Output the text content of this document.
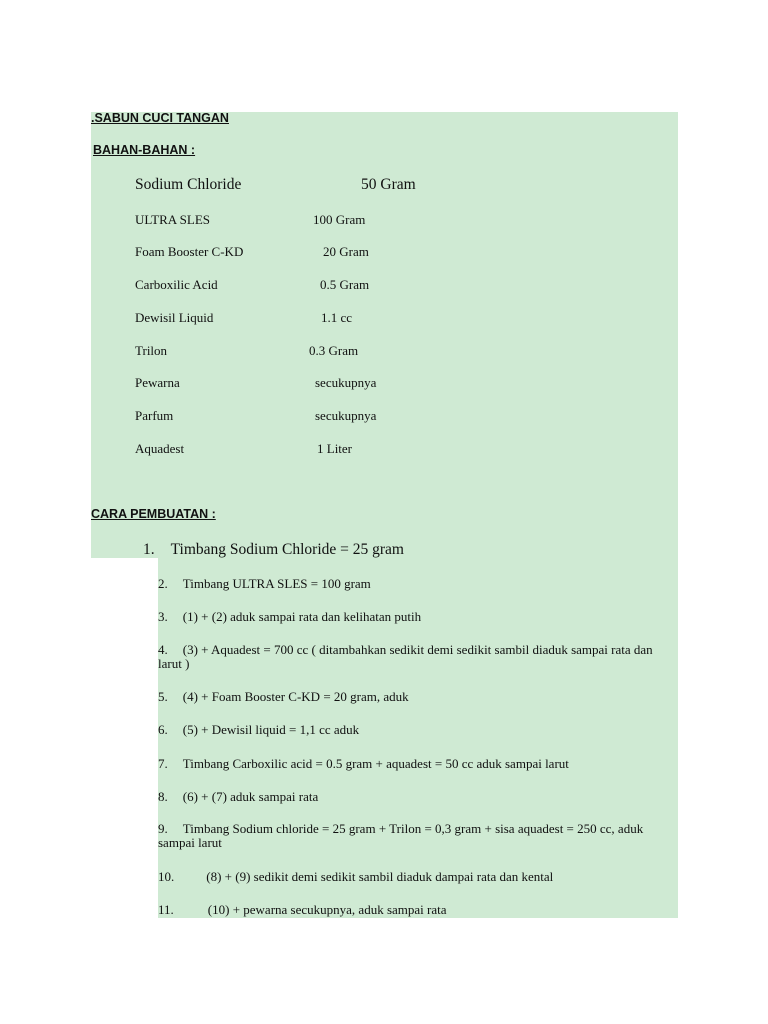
.SABUN CUCI TANGAN
BAHAN-BAHAN :
Sodium Chloride	50 Gram
ULTRA SLES	100 Gram
Foam Booster C-KD	20 Gram
Carboxilic Acid	0.5 Gram
Dewisil Liquid	1.1 cc
Trilon	0.3 Gram
Pewarna	secukupnya
Parfum	secukupnya
Aquadest	1 Liter
CARA PEMBUATAN :
1. Timbang Sodium Chloride = 25 gram
2. Timbang ULTRA SLES = 100 gram
3. (1) + (2) aduk sampai rata dan kelihatan putih
4. (3) + Aquadest = 700 cc ( ditambahkan sedikit demi sedikit sambil diaduk sampai rata dan larut )
5. (4) + Foam Booster C-KD = 20 gram, aduk
6. (5) + Dewisil liquid = 1,1 cc aduk
7. Timbang Carboxilic acid = 0.5 gram + aquadest = 50 cc aduk sampai larut
8. (6) + (7) aduk sampai rata
9. Timbang Sodium chloride = 25 gram + Trilon = 0,3 gram + sisa aquadest = 250 cc, aduk sampai larut
10. (8) + (9) sedikit demi sedikit sambil diaduk dampai rata dan kental
11.	(10) + pewarna secukupnya, aduk sampai rata
